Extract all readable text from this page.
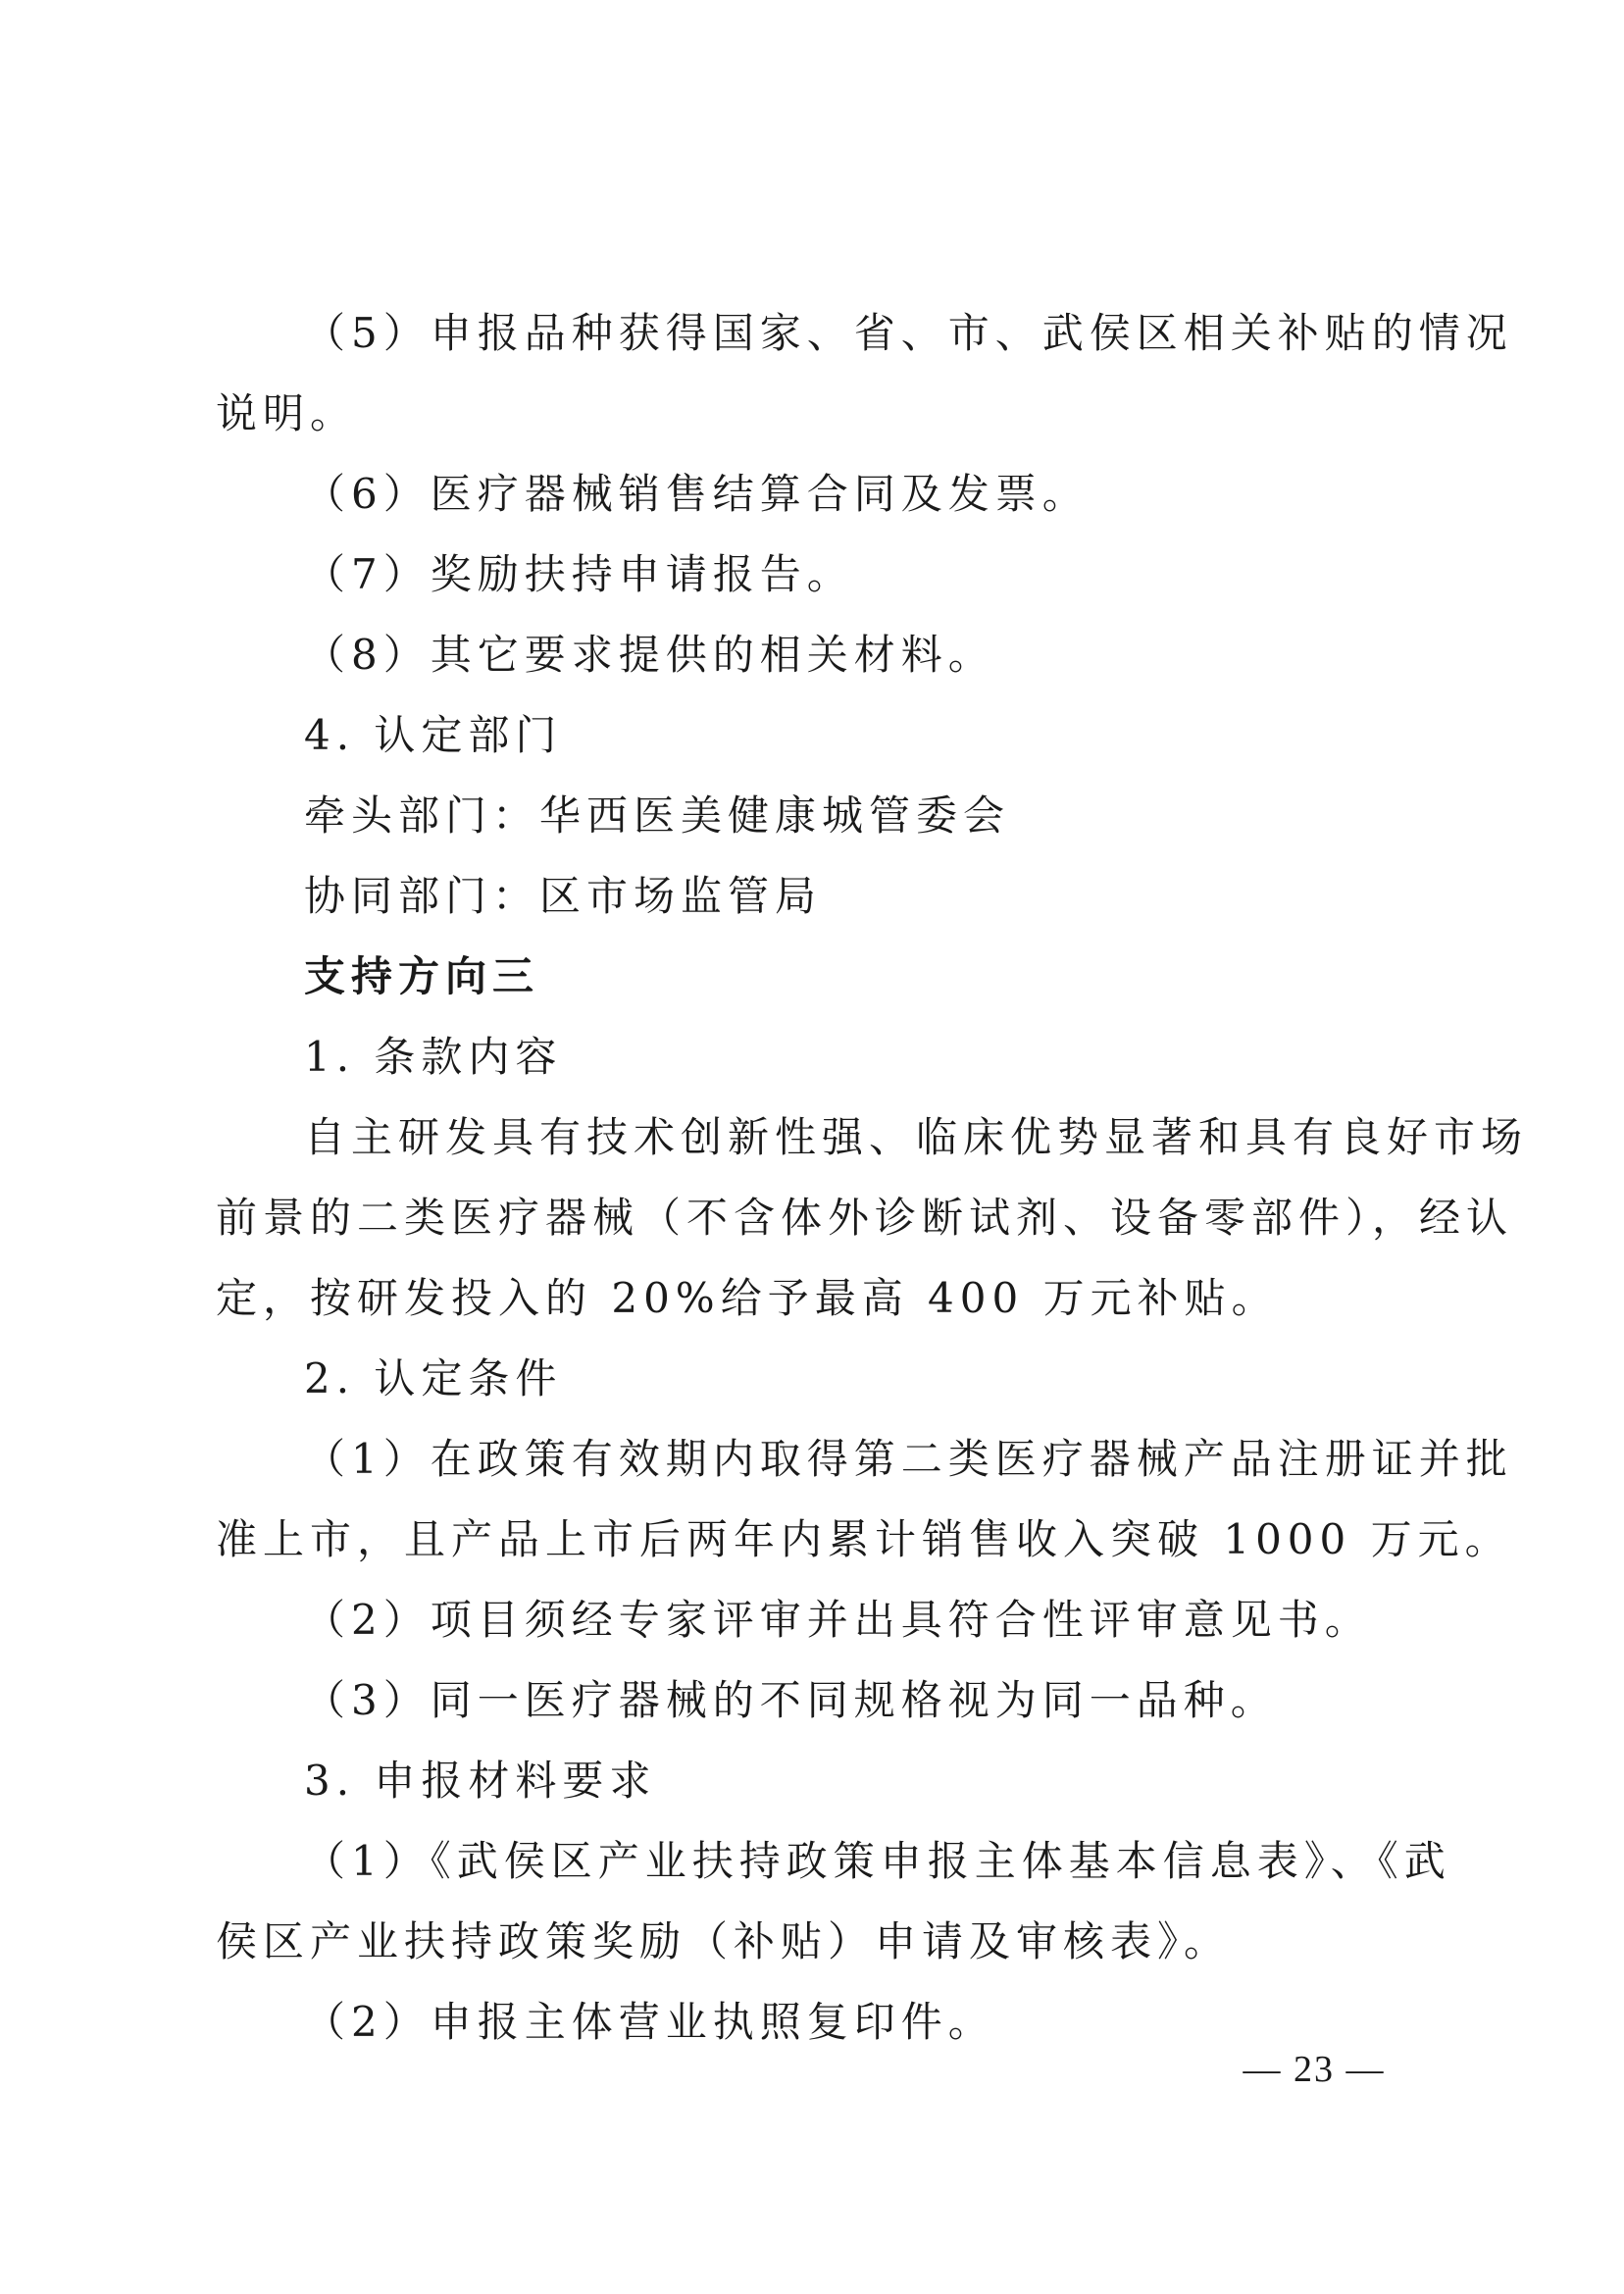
（5）申报品种获得国家、省、市、武侯区相关补贴的情况
说明。
（6）医疗器械销售结算合同及发票。
（7）奖励扶持申请报告。
（8）其它要求提供的相关材料。
4. 认定部门
牵头部门：华西医美健康城管委会
协同部门：区市场监管局
支持方向三
1. 条款内容
自主研发具有技术创新性强、临床优势显著和具有良好市场
前景的二类医疗器械（不含体外诊断试剂、设备零部件），经认
定，按研发投入的 20%给予最高 400 万元补贴。
2. 认定条件
（1）在政策有效期内取得第二类医疗器械产品注册证并批
准上市，且产品上市后两年内累计销售收入突破 1000 万元。
（2）项目须经专家评审并出具符合性评审意见书。
（3）同一医疗器械的不同规格视为同一品种。
3. 申报材料要求
（1）《武侯区产业扶持政策申报主体基本信息表》、《武
侯区产业扶持政策奖励（补贴）申请及审核表》。
（2）申报主体营业执照复印件。
— 23 —
